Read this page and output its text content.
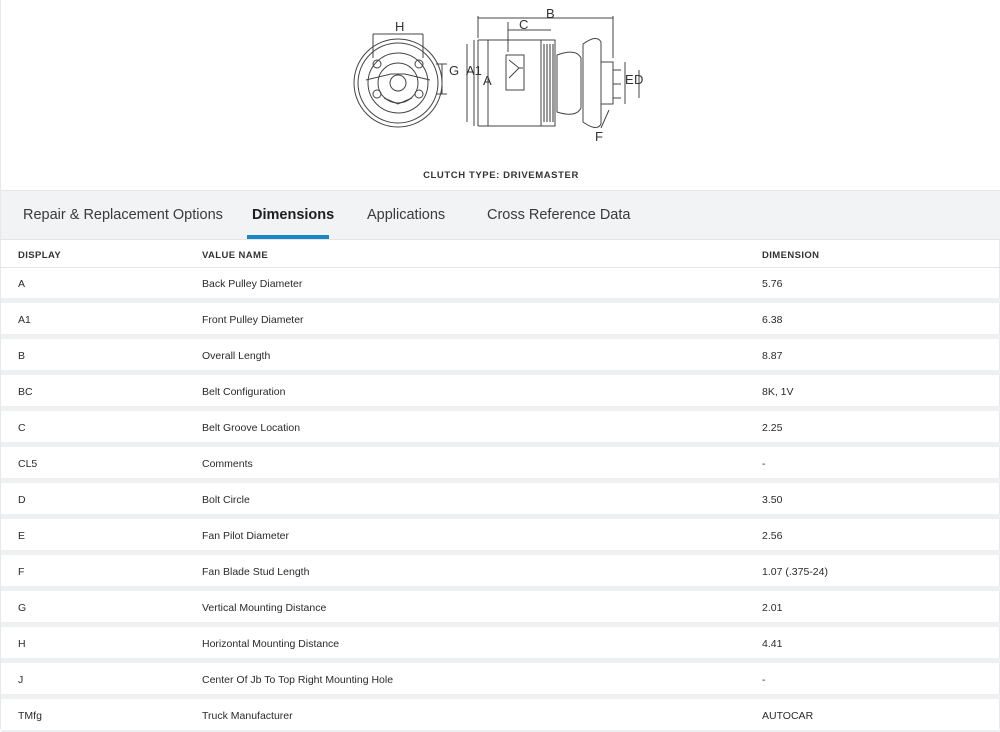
H
G A1
A
C
B
E D
F
CLUTCH TYPE: DRIVEMASTER
Repair & Replacement Options Dimensions Applications	Cross Reference Data
DISPLAY	VALUE NAME	DIMENSION
A	Back Pulley Diameter	5.76
A1	Front Pulley Diameter	6.38
B	Overall Length	8.87
BC	Belt Configuration	8K, 1V
C	Belt Groove Location	2.25
CL5	Comments	-
D	Bolt Circle	3.50
E	Fan Pilot Diameter	2.56
F	Fan Blade Stud Length	1.07 (.375-24)
G	Vertical Mounting Distance	2.01
H	Horizontal Mounting Distance	4.41
J	Center Of Jb To Top Right Mounting Hole	-
TMfg	Truck Manufacturer	AUTOCAR
